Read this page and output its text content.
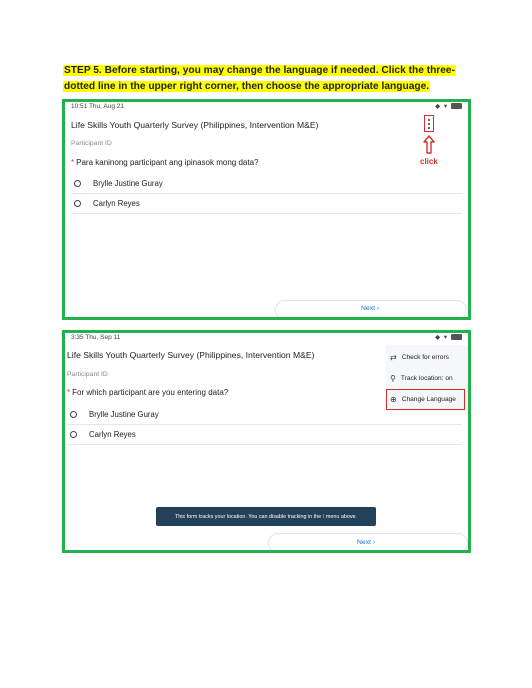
STEP 5. Before starting, you may change the language if needed. Click the three-dotted line in the upper right corner, then choose the appropriate language.
10:51 Thu, Aug 21	◆ ▾
Life Skills Youth Quarterly Survey (Philippines, Intervention M&E)
click
Participant ID
* Para kaninong participant ang ipinasok mong data?
Brylle Justine Guray
Carlyn Reyes
Next ›
3:35 Thu, Sep 11	◆ ▾
Life Skills Youth Quarterly Survey (Philippines, Intervention M&E)
Participant ID
* For which participant are you entering data?
Brylle Justine Guray
Carlyn Reyes
⇄ Check for errors
⚲ Track location: on
⊕ Change Language
This form tracks your location. You can disable tracking in the ⁝ menu above.
Next ›
